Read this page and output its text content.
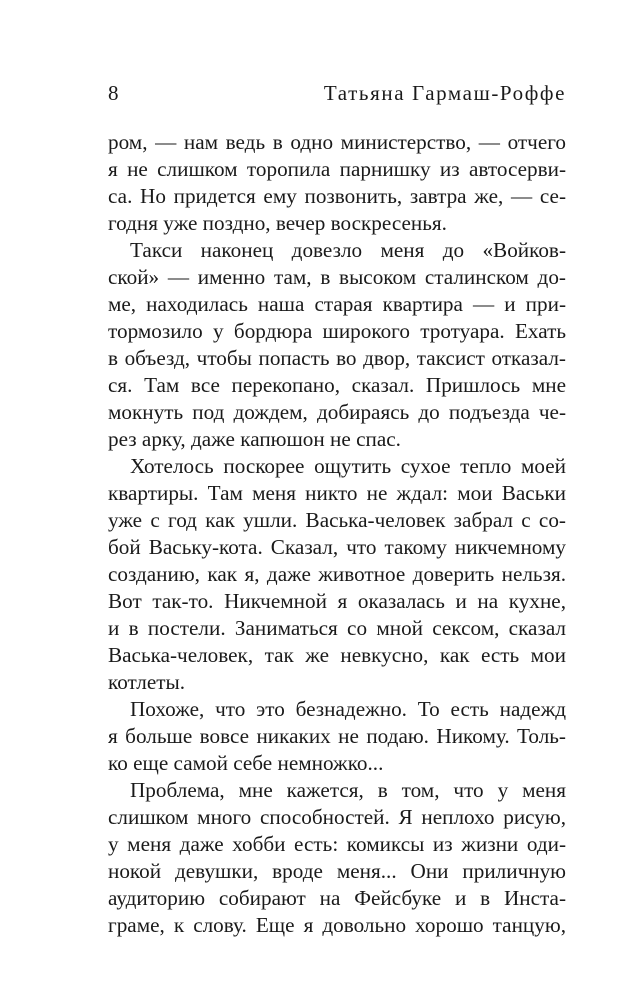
8	Татьяна Гармаш-Роффе
ром, — нам ведь в одно министерство, — отчего
я не слишком торопила парнишку из автосерви-
са. Но придется ему позвонить, завтра же, — се-
годня уже поздно, вечер воскресенья.
Такси наконец довезло меня до «Войков-
ской» — именно там, в высоком сталинском до-
ме, находилась наша старая квартира — и при-
тормозило у бордюра широкого тротуара. Ехать
в объезд, чтобы попасть во двор, таксист отказал-
ся. Там все перекопано, сказал. Пришлось мне
мокнуть под дождем, добираясь до подъезда че-
рез арку, даже капюшон не спас.
Хотелось поскорее ощутить сухое тепло моей
квартиры. Там меня никто не ждал: мои Васьки
уже с год как ушли. Васька-человек забрал с со-
бой Ваську-кота. Сказал, что такому никчемному
созданию, как я, даже животное доверить нельзя.
Вот так-то. Никчемной я оказалась и на кухне,
и в постели. Заниматься со мной сексом, сказал
Васька-человек, так же невкусно, как есть мои
котлеты.
Похоже, что это безнадежно. То есть надежд
я больше вовсе никаких не подаю. Никому. Толь-
ко еще самой себе немножко...
Проблема, мне кажется, в том, что у меня
слишком много способностей. Я неплохо рисую,
у меня даже хобби есть: комиксы из жизни оди-
нокой девушки, вроде меня... Они приличную
аудиторию собирают на Фейсбуке и в Инста-
граме, к слову. Еще я довольно хорошо танцую,
